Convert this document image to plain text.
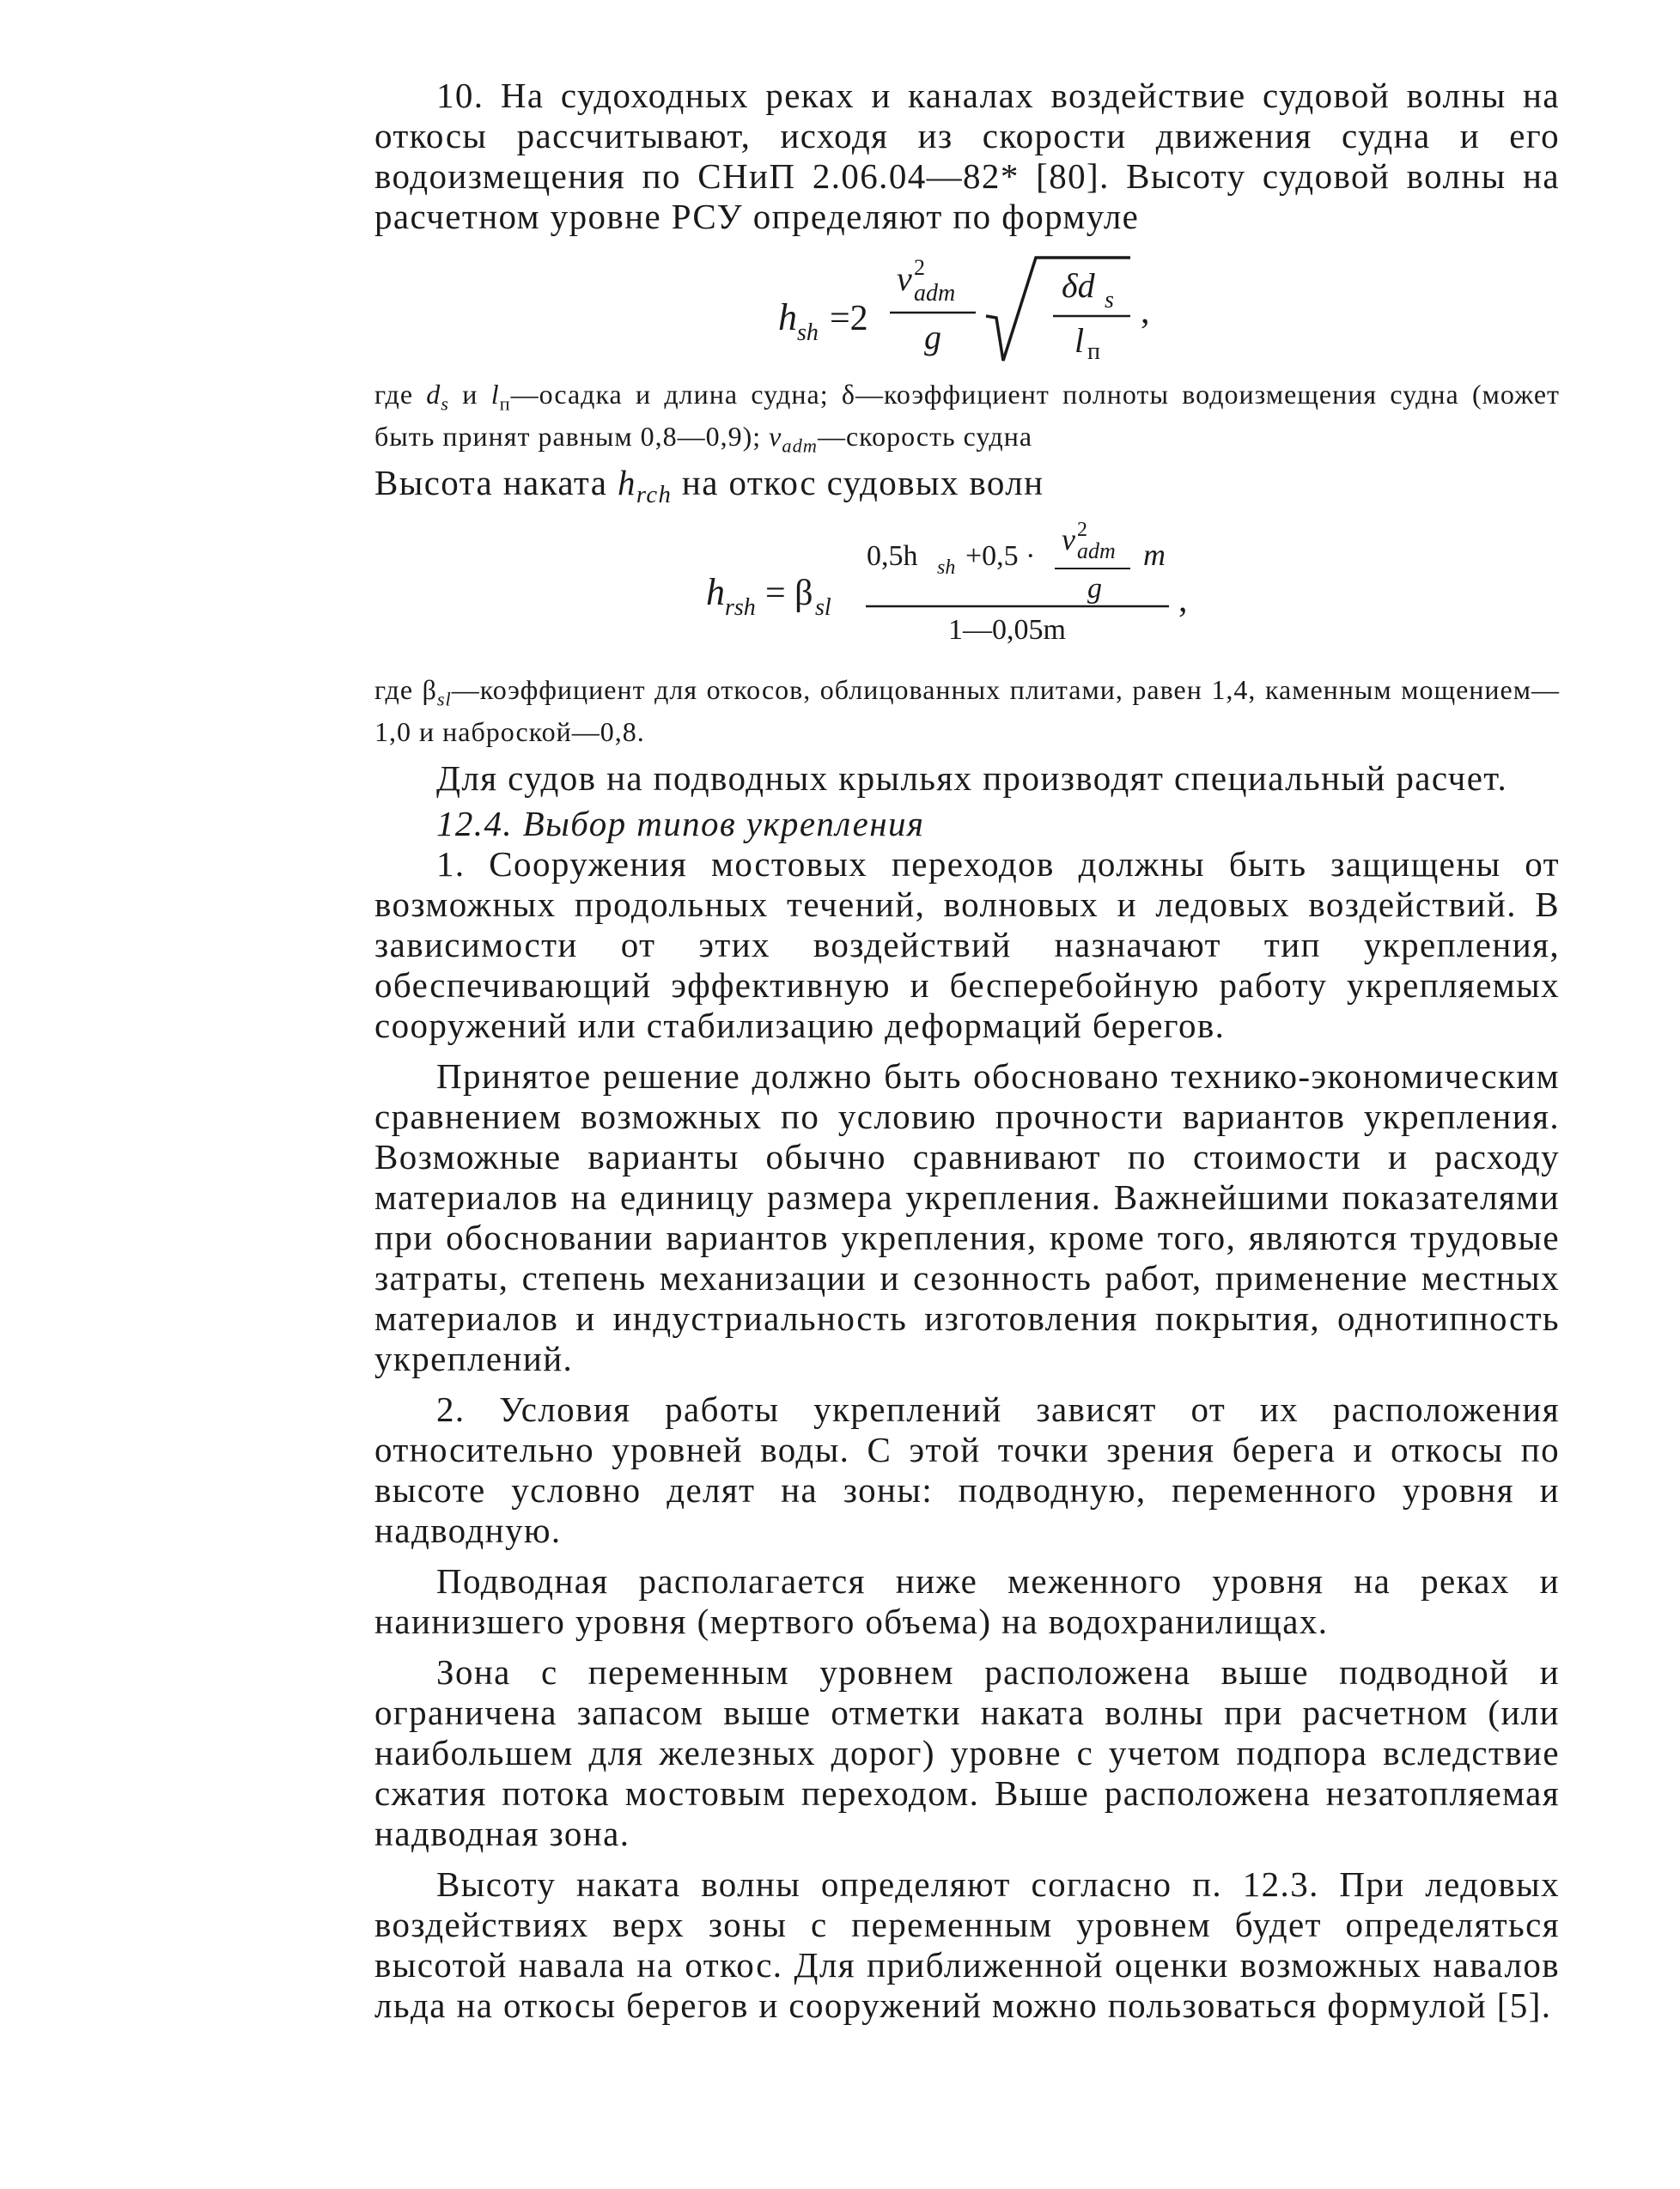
10. На судоходных реках и каналах воздействие судовой волны на откосы рассчитывают, исходя из скорости движения судна и его водоизмещения по СНиП 2.06.04—82* [80]. Высоту судовой волны на расчетном уровне РСУ определяют по формуле

h sh =2
v 2
adm
g
δd s
l п
,

где $d_s$ и $l_п—осадка$ и длина судна; δ—коэффициент полноты водоизмещения судна (может быть принят равным 0,8—0,9); $v_{adm}—скорость$ судна

Высота наката $h_{rch}$ на откос судовых волн

h rsh = β sl
0,5h sh +0,5 · v 2
adm
g
m
1—0,05m
,

где $\beta_{sl}—коэффициент$ для откосов, облицованных плитами, равен 1,4, каменным мощением—1,0 и наброской—0,8.

Для судов на подводных крыльях производят специальный расчет.

12.4. Выбор типов укрепления

1. Сооружения мостовых переходов должны быть защищены от возможных продольных течений, волновых и ледовых воздействий. В зависимости от этих воздействий назначают тип укрепления, обеспечивающий эффективную и бесперебойную работу укрепляемых сооружений или стабилизацию деформаций берегов.

Принятое решение должно быть обосновано технико-экономическим сравнением возможных по условию прочности вариантов укрепления. Возможные варианты обычно сравнивают по стоимости и расходу материалов на единицу размера укрепления. Важнейшими показателями при обосновании вариантов укрепления, кроме того, являются трудовые затраты, степень механизации и сезонность работ, применение местных материалов и индустриальность изготовления покрытия, однотипность укреплений.

2. Условия работы укреплений зависят от их расположения относительно уровней воды. С этой точки зрения берега и откосы по высоте условно делят на зоны: подводную, переменного уровня и надводную.

Подводная располагается ниже меженного уровня на реках и наинизшего уровня (мертвого объема) на водохранилищах.

Зона с переменным уровнем расположена выше подводной и ограничена запасом выше отметки наката волны при расчетном (или наибольшем для железных дорог) уровне с учетом подпора вследствие сжатия потока мостовым переходом. Выше расположена незатопляемая надводная зона.

Высоту наката волны определяют согласно п. 12.3. При ледовых воздействиях верх зоны с переменным уровнем будет определяться высотой навала на откос. Для приближенной оценки возможных навалов льда на откосы берегов и сооружений можно пользоваться формулой [5].
